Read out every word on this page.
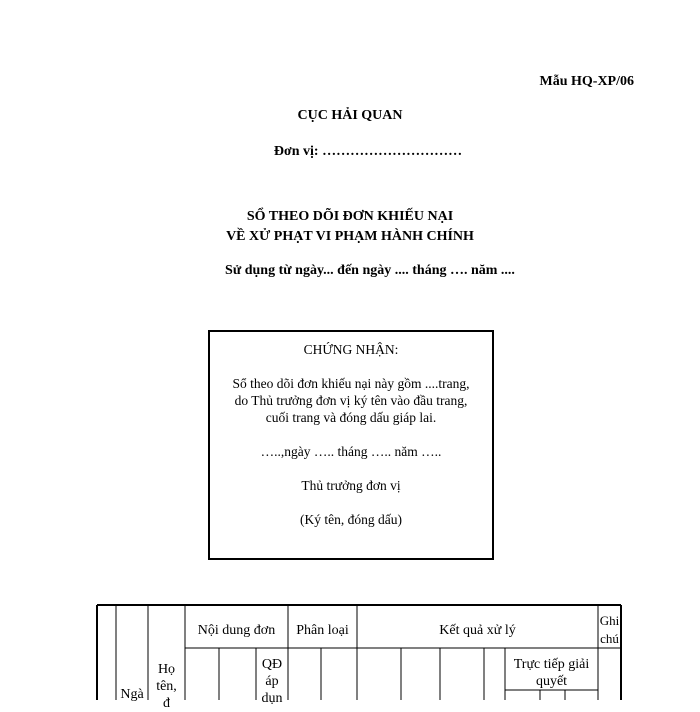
Mẫu HQ-XP/06
CỤC HẢI QUAN
Đơn vị: …………………………
SỔ THEO DÕI ĐƠN KHIẾU NẠI
VỀ XỬ PHẠT VI PHẠM HÀNH CHÍNH
Sử dụng từ ngày... đến ngày .... tháng …. năm ....
CHỨNG NHẬN:
Sổ theo dõi đơn khiếu nại này gồm ....trang,
do Thủ trưởng đơn vị ký tên vào đầu trang,
cuối trang và đóng dấu giáp lai.
…..,ngày ….. tháng ….. năm …..
Thủ trưởng đơn vị
(Ký tên, đóng dấu)
Ngà
Họ
tên,
đ
Nội dung đơn	Phân loại	Kết quả xử lý
Ghi
chú
QĐ
áp
dụn
Trực tiếp giải
quyết
